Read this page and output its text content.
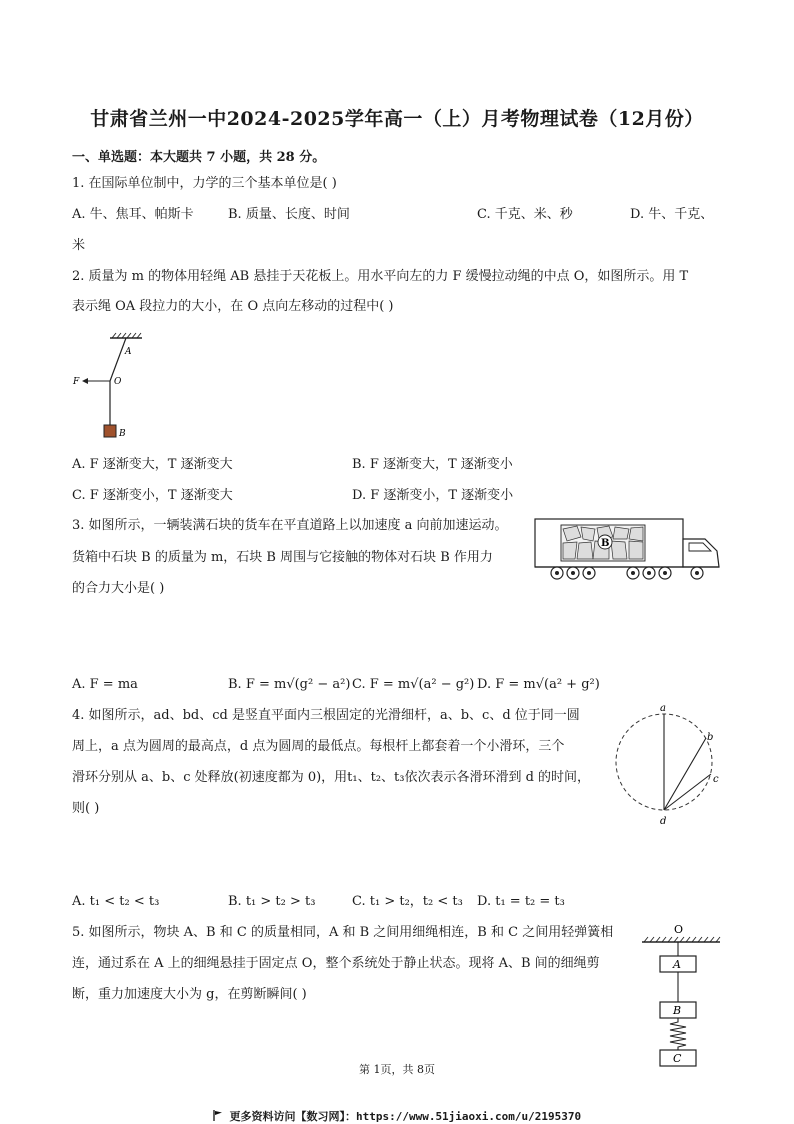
甘肃省兰州一中2024-2025学年高一（上）月考物理试卷（12月份）
一、单选题：本大题共 7 小题，共 28 分。
1. 在国际单位制中，力学的三个基本单位是( )
A. 牛、焦耳、帕斯卡	B. 质量、长度、时间	C. 千克、米、秒	D. 牛、千克、
米
2. 质量为 m 的物体用轻绳 AB 悬挂于天花板上。用水平向左的力 F 缓慢拉动绳的中点 O，如图所示。用 T
表示绳 OA 段拉力的大小，在 O 点向左移动的过程中( )
A
F	O
B
A. F 逐渐变大，T 逐渐变大	B. F 逐渐变大，T 逐渐变小
C. F 逐渐变小，T 逐渐变大	D. F 逐渐变小，T 逐渐变小
3. 如图所示，一辆装满石块的货车在平直道路上以加速度 a 向前加速运动。
货箱中石块 B 的质量为 m，石块 B 周围与它接触的物体对石块 B 作用力
的合力大小是( )
B
A. F = ma	B. F = m√(g² − a²) C. F = m√(a² − g²) D. F = m√(a² + g²)
4. 如图所示，ad、bd、cd 是竖直平面内三根固定的光滑细杆，a、b、c、d 位于同一圆
周上，a 点为圆周的最高点，d 点为圆周的最低点。每根杆上都套着一个小滑环，三个
滑环分别从 a、b、c 处释放(初速度都为 0)，用t₁、t₂、t₃依次表示各滑环滑到 d 的时间，
则( )
a
b
c
d
A. t₁ < t₂ < t₃	B. t₁ > t₂ > t₃	C. t₁ > t₂，t₂ < t₃ D. t₁ = t₂ = t₃
5. 如图所示，物块 A、B 和 C 的质量相同，A 和 B 之间用细绳相连，B 和 C 之间用轻弹簧相
连，通过系在 A 上的细绳悬挂于固定点 O，整个系统处于静止状态。现将 A、B 间的细绳剪
断，重力加速度大小为 g，在剪断瞬间( )
O
A
B
C
第 1页，共 8页
更多资料访问【数习网】：https://www.51jiaoxi.com/u/2195370
